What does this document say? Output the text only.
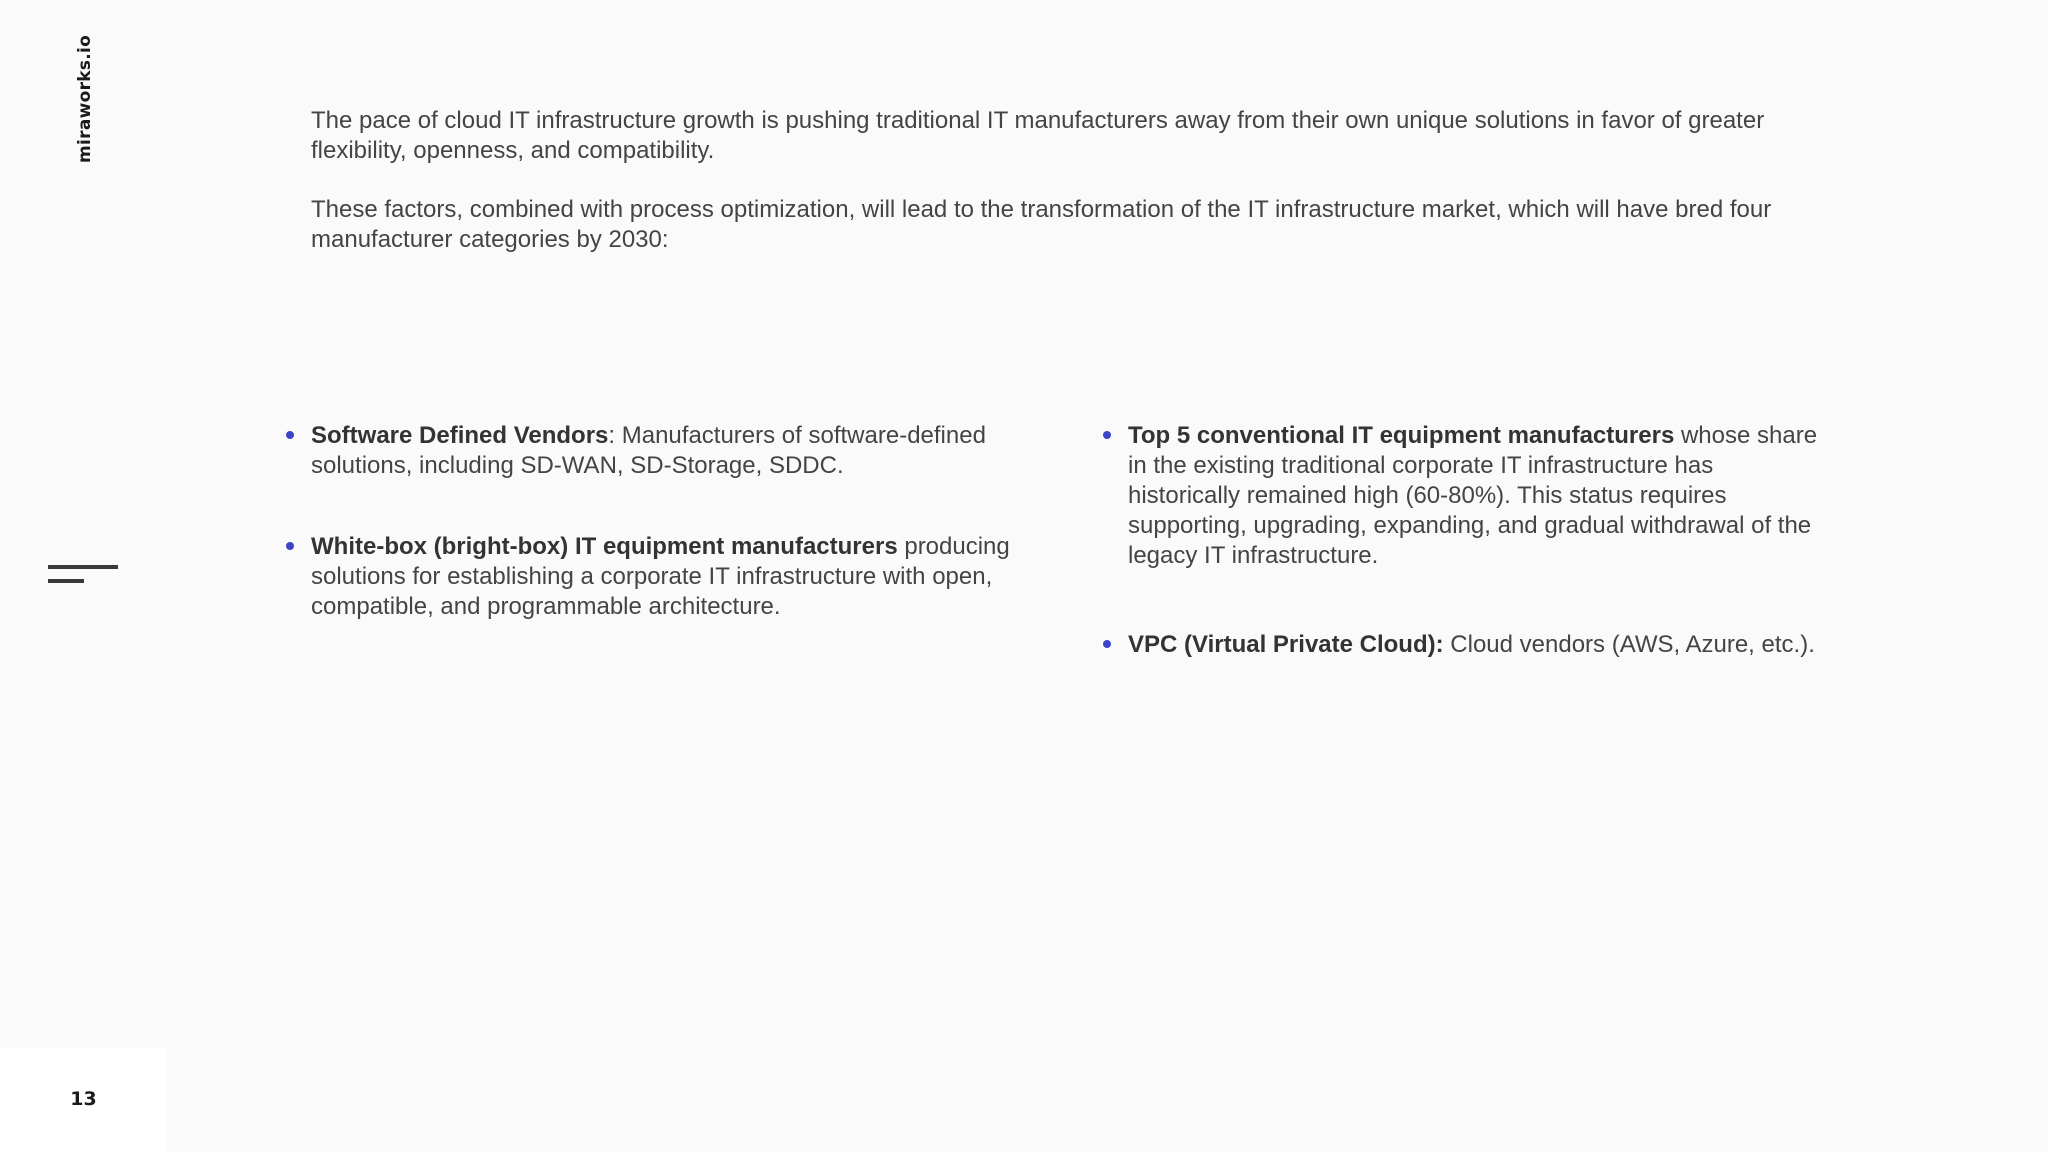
miraworks.io	The pace of cloud IT infrastructure growth is pushing traditional IT manufacturers away from their own unique solutions in favor of greater flexibility, openness, and compatibility.

These factors, combined with process optimization, will lead to the transformation of the IT infrastructure market, which will have bred four manufacturer categories by 2030:

Software Defined Vendors: Manufacturers of software-defined solutions, including SD-WAN, SD-Storage, SDDC.
White-box (bright-box) IT equipment manufacturers producing solutions for establishing a corporate IT infrastructure with open, compatible, and programmable architecture.
Top 5 conventional IT equipment manufacturers whose share in the existing traditional corporate IT infrastructure has historically remained high (60-80%). This status requires supporting, upgrading, expanding, and gradual withdrawal of the legacy IT infrastructure.
VPC (Virtual Private Cloud): Cloud vendors (AWS, Azure, etc.).
13
